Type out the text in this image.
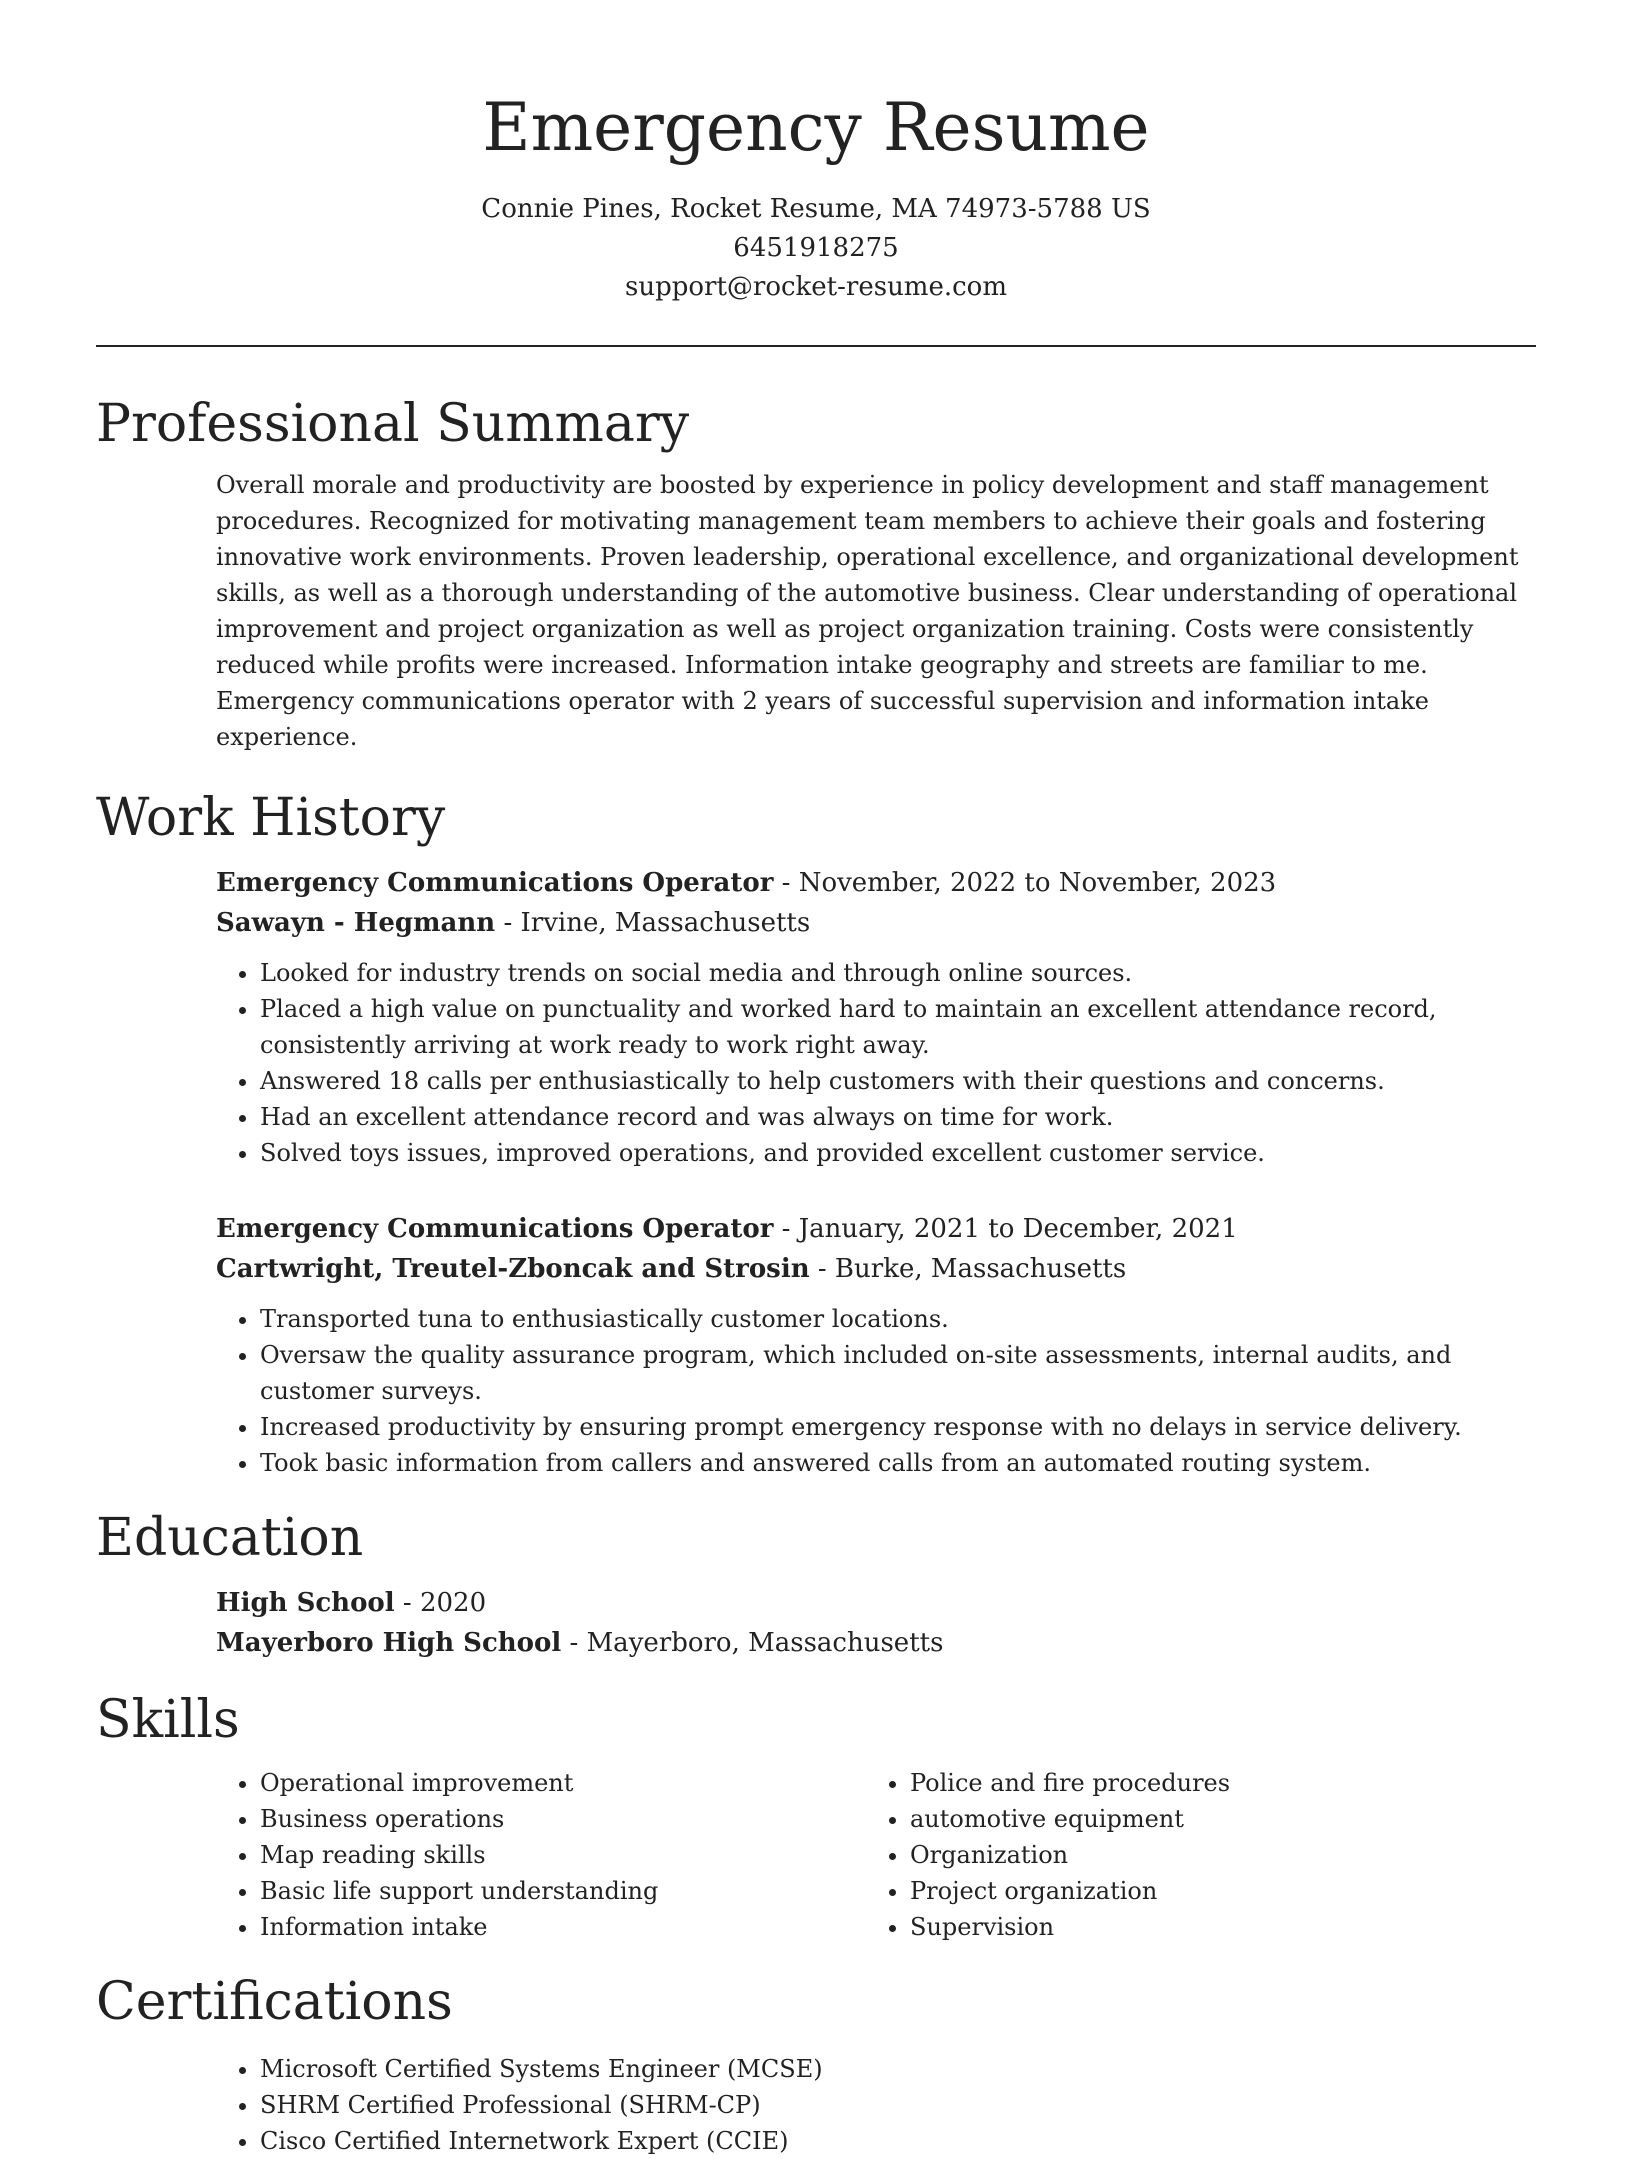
Emergency Resume

Connie Pines, Rocket Resume, MA 74973-5788 US

6451918275

support@rocket-resume.com

Professional Summary

Overall morale and productivity are boosted by experience in policy development and staff management procedures. Recognized for motivating management team members to achieve their goals and fostering innovative work environments. Proven leadership, operational excellence, and organizational development skills, as well as a thorough understanding of the automotive business. Clear understanding of operational improvement and project organization as well as project organization training. Costs were consistently reduced while profits were increased. Information intake geography and streets are familiar to me. Emergency communications operator with 2 years of successful supervision and information intake experience.

Work History

Emergency Communications Operator - November, 2022 to November, 2023

Sawayn - Hegmann - Irvine, Massachusetts

• Looked for industry trends on social media and through online sources.
• Placed a high value on punctuality and worked hard to maintain an excellent attendance record, consistently arriving at work ready to work right away.
• Answered 18 calls per enthusiastically to help customers with their questions and concerns.
• Had an excellent attendance record and was always on time for work.
• Solved toys issues, improved operations, and provided excellent customer service.

Emergency Communications Operator - January, 2021 to December, 2021

Cartwright, Treutel-Zboncak and Strosin - Burke, Massachusetts

• Transported tuna to enthusiastically customer locations.
• Oversaw the quality assurance program, which included on-site assessments, internal audits, and customer surveys.
• Increased productivity by ensuring prompt emergency response with no delays in service delivery.
• Took basic information from callers and answered calls from an automated routing system.
Education

High School - 2020

Mayerboro High School - Mayerboro, Massachusetts

Skills
• Operational improvement
• Business operations
• Map reading skills
• Basic life support understanding
• Information intake
• Police and fire procedures
• automotive equipment
• Organization
• Project organization
• Supervision
Certifications
• Microsoft Certified Systems Engineer (MCSE)
• SHRM Certified Professional (SHRM-CP)
• Cisco Certified Internetwork Expert (CCIE)
